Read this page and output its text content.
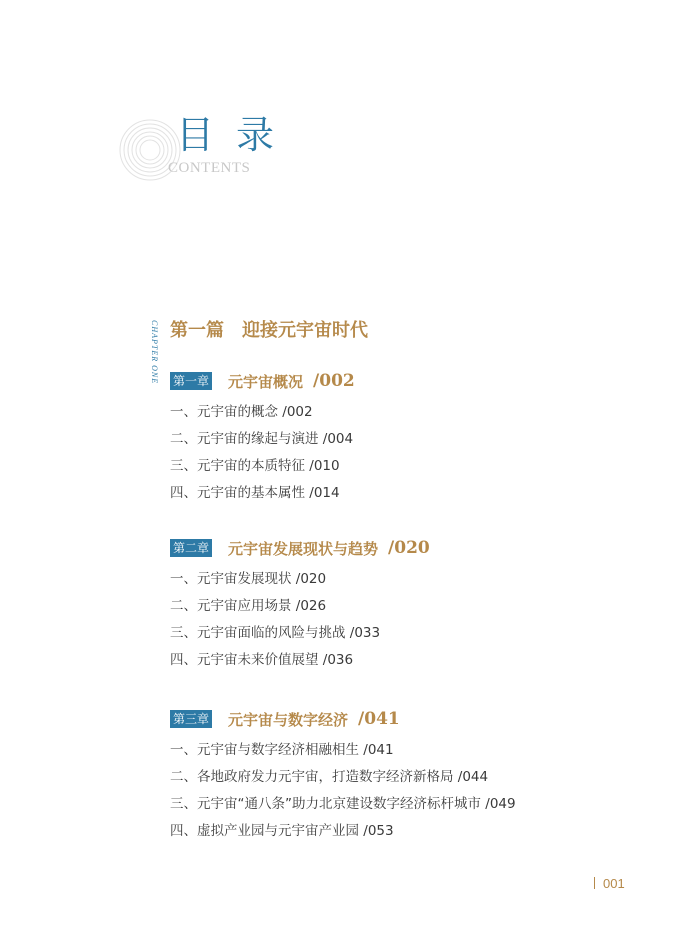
目录
CONTENTS
CHAPTER ONE 第一篇　迎接元宇宙时代
第一章 元宇宙概况 /002
一、元宇宙的概念 /002
二、元宇宙的缘起与演进 /004
三、元宇宙的本质特征 /010
四、元宇宙的基本属性 /014
第二章 元宇宙发展现状与趋势 /020
一、元宇宙发展现状 /020
二、元宇宙应用场景 /026
三、元宇宙面临的风险与挑战 /033
四、元宇宙未来价值展望 /036
第三章 元宇宙与数字经济 /041
一、元宇宙与数字经济相融相生 /041
二、各地政府发力元宇宙，打造数字经济新格局 /044
三、元宇宙“通八条”助力北京建设数字经济标杆城市 /049
四、虚拟产业园与元宇宙产业园 /053
001
